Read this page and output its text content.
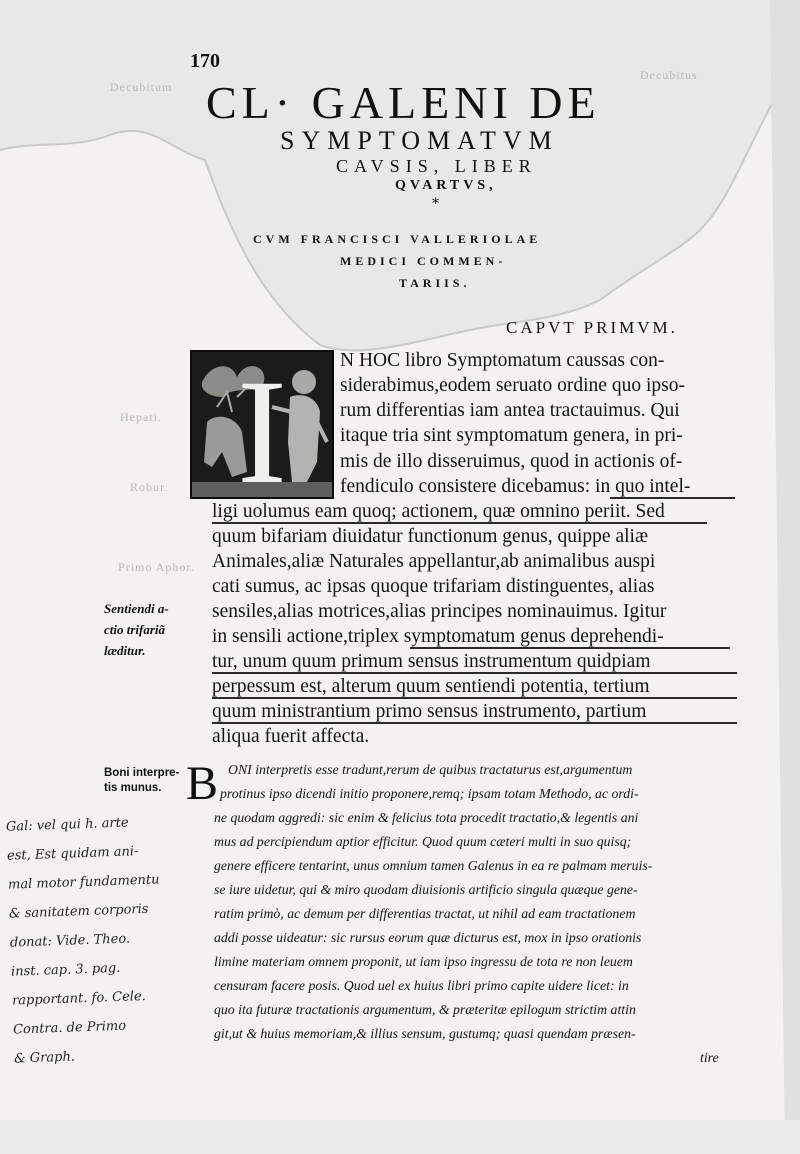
Decubitus
Decubitum
Hepati.
Robur.
Primo Aphor.
170
CL· GALENI DE
SYMPTOMATVM
CAVSIS, LIBER
QVARTVS,
*
CVM FRANCISCI VALLERIOLAE
MEDICI COMMEN-
TARIIS.
CAPVT PRIMVM.
I	N HOC libro Symptomatum caussas con-
siderabimus,eodem seruato ordine quo ipso-
rum differentias iam antea tractauimus. Qui
itaque tria sint symptomatum genera, in pri-
mis de illo disseruimus, quod in actionis of-
fendiculo consistere dicebamus: in quo intel-
ligi uolumus eam quoq; actionem, quæ omnino periit. Sed
quum bifariam diuidatur functionum genus, quippe aliæ
Animales,aliæ Naturales appellantur,ab animalibus auspi
cati sumus, ac ipsas quoque trifariam distinguentes, alias
sensiles,alias motrices,alias principes nominauimus. Igitur
in sensili actione,triplex symptomatum genus deprehendi-
tur, unum quum primum sensus instrumentum quidpiam
perpessum est, alterum quum sentiendi potentia, tertium
quum ministrantium primo sensus instrumento, partium
aliqua fuerit affecta.
Sentiendi a-
ctio trifariã
læditur.
Boni interpre-
tis munus. B ONI interpretis esse tradunt,rerum de quibus tractaturus est,argumentum
protinus ipso dicendi initio proponere,remq; ipsam totam Methodo, ac ordi-
ne quodam aggredi: sic enim & felicius tota procedit tractatio,& legentis ani
mus ad percipiendum aptior efficitur. Quod quum cæteri multi in suo quisq;
genere efficere tentarint, unus omnium tamen Galenus in ea re palmam meruis-
se iure uidetur, qui & miro quodam diuisionis artificio singula quæque gene-
ratim primò, ac demum per differentias tractat, ut nihil ad eam tractationem
addi posse uideatur: sic rursus eorum quæ dicturus est, mox in ipso orationis
limine materiam omnem proponit, ut iam ipso ingressu de tota re non leuem
censuram facere posis. Quod uel ex huius libri primo capite uidere licet: in
quo ita futuræ tractationis argumentum, & præteritæ epilogum strictim attin
git,ut & huius memoriam,& illius sensum, gustumq; quasi quendam præsen-
tire
Gal: vel qui h. arte
est, Est quidam ani-
mal motor fundamentu
& sanitatem corporis
donat: Vide. Theo.
inst. cap. 3. pag.
rapportant. fo. Cele.
Contra. de Primo
& Graph.
